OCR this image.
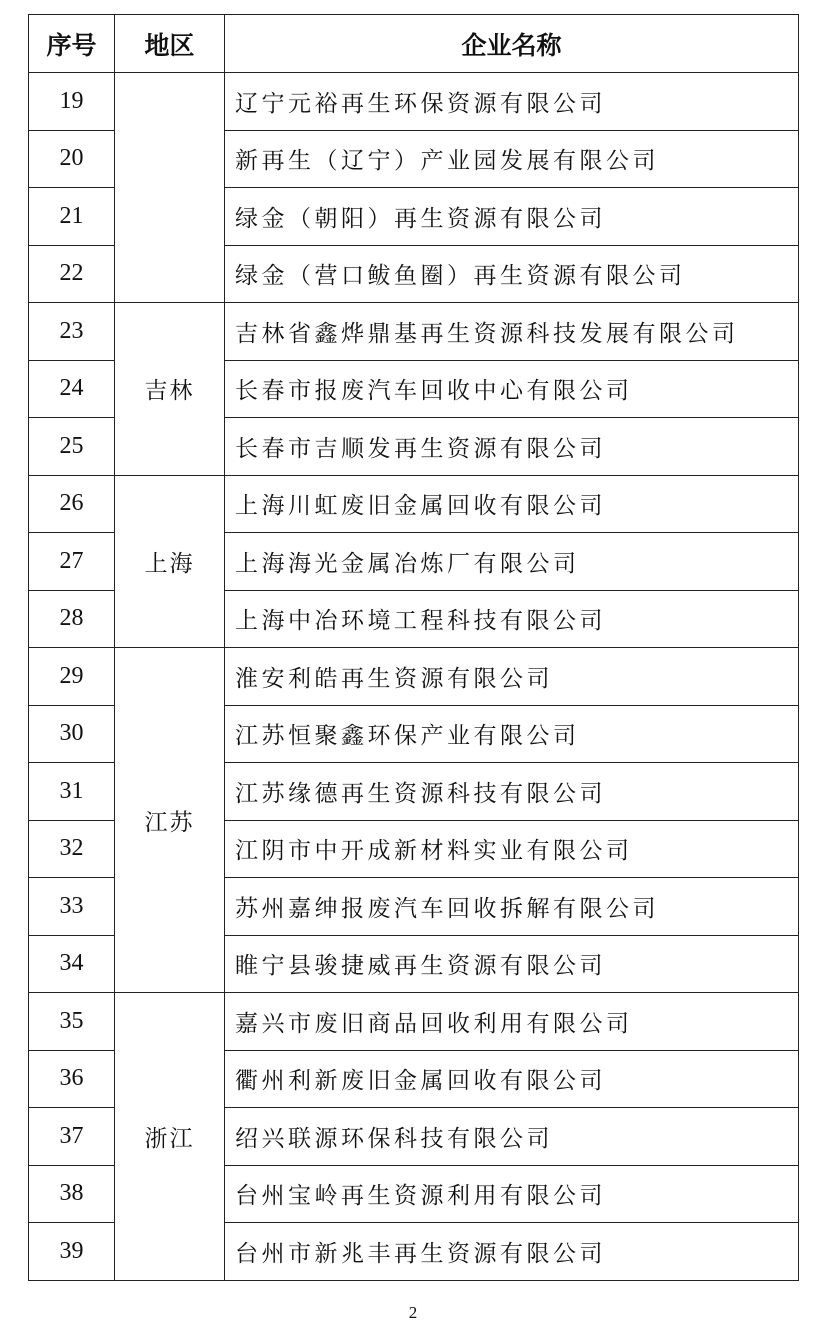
序号	地区	企业名称
19		辽宁元裕再生环保资源有限公司
20		新再生（辽宁）产业园发展有限公司
21		绿金（朝阳）再生资源有限公司
22		绿金（营口鲅鱼圈）再生资源有限公司
23	吉林	吉林省鑫烨鼎基再生资源科技发展有限公司
24		长春市报废汽车回收中心有限公司
25		长春市吉顺发再生资源有限公司
26	上海	上海川虹废旧金属回收有限公司
27		上海海光金属冶炼厂有限公司
28		上海中冶环境工程科技有限公司
29	江苏	淮安利皓再生资源有限公司
30		江苏恒聚鑫环保产业有限公司
31		江苏缘德再生资源科技有限公司
32		江阴市中开成新材料实业有限公司
33		苏州嘉绅报废汽车回收拆解有限公司
34		睢宁县骏捷威再生资源有限公司
35	浙江	嘉兴市废旧商品回收利用有限公司
36		衢州利新废旧金属回收有限公司
37		绍兴联源环保科技有限公司
38		台州宝岭再生资源利用有限公司
39		台州市新兆丰再生资源有限公司
2
